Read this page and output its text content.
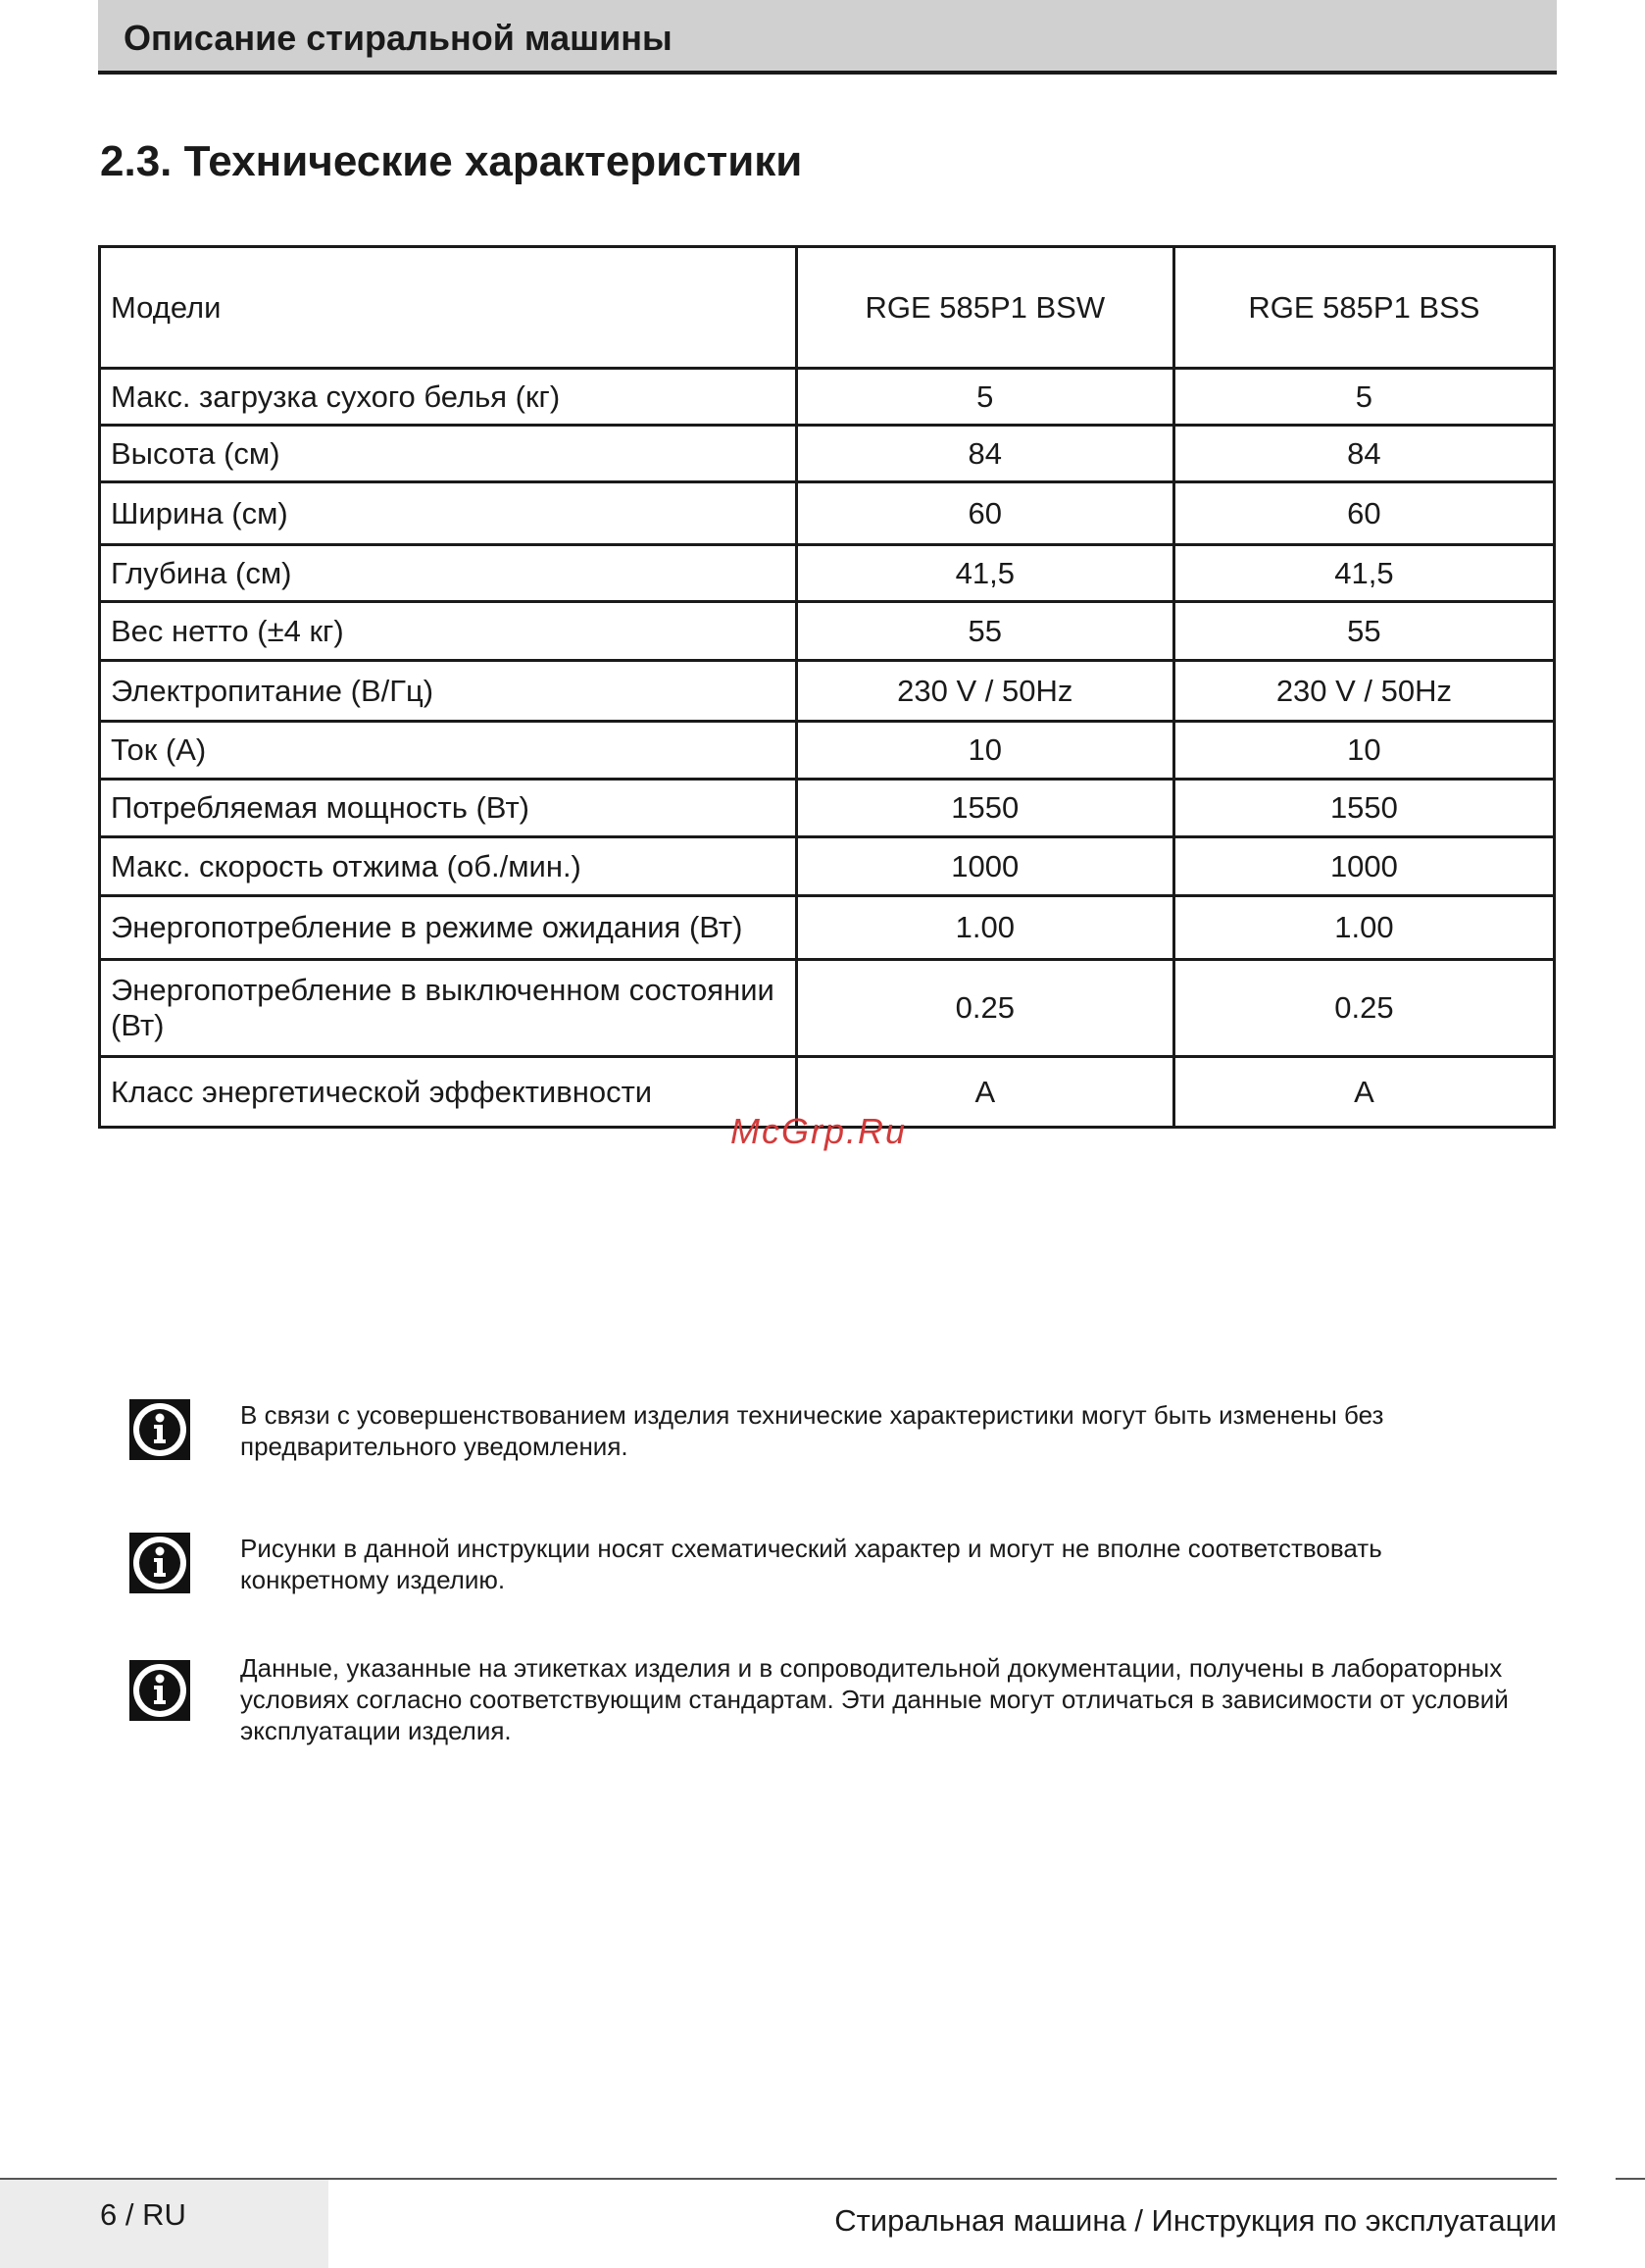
Описание стиральной машины
2.3. Технические характеристики
Модели	RGE 585P1 BSW	RGE 585P1 BSS
Макс. загрузка сухого белья (кг)	5	5
Высота (см)	84	84
Ширина (см)	60	60
Глубина (см)	41,5	41,5
Вес нетто (±4 кг)	55	55
Электропитание (В/Гц)	230 V / 50Hz	230 V / 50Hz
Ток (A)	10	10
Потребляемая мощность (Вт)	1550	1550
Макс. скорость отжима (об./мин.)	1000	1000
Энергопотребление в режиме ожидания (Вт)	1.00	1.00
Энергопотребление в выключенном состоянии (Вт)	0.25	0.25
Класс энергетической эффективности	A	A
McGrp.Ru
В связи с усовершенствованием изделия технические характеристики могут быть изменены без предварительного уведомления.
Рисунки в данной инструкции носят схематический характер и могут не вполне соответствовать конкретному изделию.
Данные, указанные на этикетках изделия и в сопроводительной документации, получены в лабораторных условиях согласно соответствующим стандартам. Эти данные могут отличаться в зависимости от условий эксплуатации изделия.
6 / RU	Стиральная машина / Инструкция по эксплуатации
